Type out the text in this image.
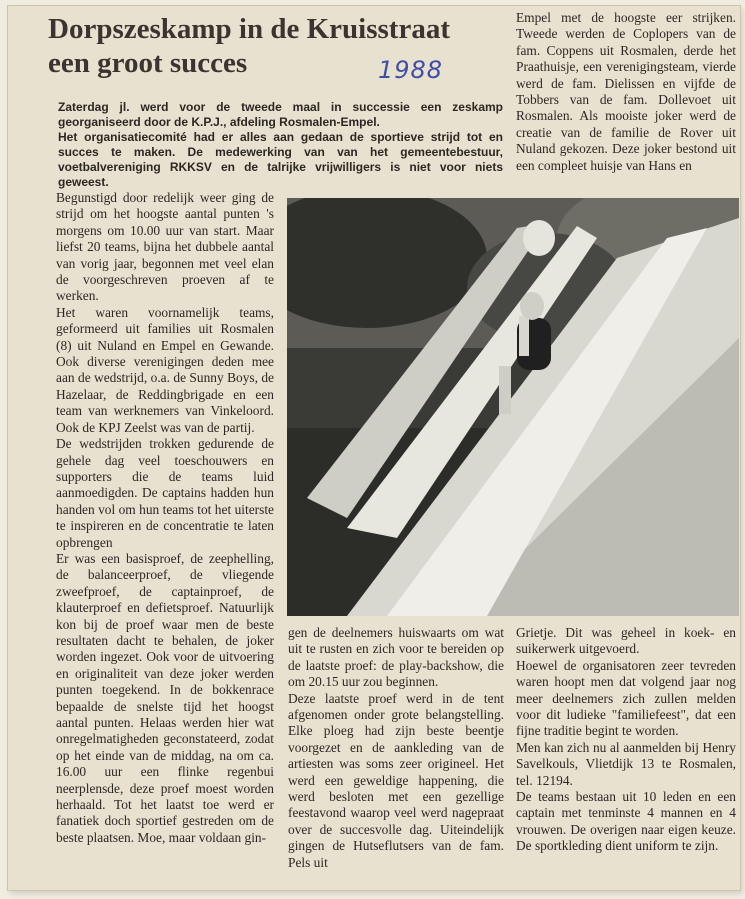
Dorpszeskamp in de Kruisstraat
een groot succes	1988

Zaterdag jl. werd voor de tweede maal in successie een zeskamp georganiseerd door de K.P.J., afdeling Rosmalen-Empel.

Het organisatiecomité had er alles aan gedaan de sportieve strijd tot en succes te maken. De medewerking van van het gemeentebestuur, voetbalvereniging RKKSV en de talrijke vrijwilligers is niet voor niets geweest.

Empel met de hoogste eer strijken. Tweede werden de Coplopers van de fam. Coppens uit Rosmalen, derde het Praathuisje, een verenigingsteam, vierde werd de fam. Dielissen en vijfde de Tobbers van de fam. Dollevoet uit Rosmalen. Als mooiste joker werd de creatie van de familie de Rover uit Nuland gekozen. Deze joker bestond uit een compleet huisje van Hans en

Begunstigd door redelijk weer ging de strijd om het hoogste aantal punten 's morgens om 10.00 uur van start. Maar liefst 20 teams, bijna het dubbele aantal van vorig jaar, begonnen met veel elan de voorgeschreven proeven af te werken.

Het waren voornamelijk teams, geformeerd uit families uit Rosmalen (8) uit Nuland en Empel en Gewande. Ook diverse verenigingen deden mee aan de wedstrijd, o.a. de Sunny Boys, de Hazelaar, de Reddingbrigade en een team van werknemers van Vinkeloord. Ook de KPJ Zeelst was van de partij.

De wedstrijden trokken gedurende de gehele dag veel toeschouwers en supporters die de teams luid aanmoedigden. De captains hadden hun handen vol om hun teams tot het uiterste te inspireren en de concentratie te laten opbrengen

Er was een basisproef, de zeephelling, de balanceerproef, de vliegende zweefproef, de captainproef, de klauterproef en defietsproef. Natuurlijk kon bij de proef waar men de beste resultaten dacht te behalen, de joker worden ingezet. Ook voor de uitvoering en originaliteit van deze joker werden punten toegekend. In de bokkenrace bepaalde de snelste tijd het hoogst aantal punten. Helaas werden hier wat onregelmatigheden geconstateerd, zodat op het einde van de middag, na om ca. 16.00 uur een flinke regenbui neerplensde, deze proef moest worden herhaald. Tot het laatst toe werd er fanatiek doch sportief gestreden om de beste plaatsen. Moe, maar voldaan gin-

gen de deelnemers huiswaarts om wat uit te rusten en zich voor te bereiden op de laatste proef: de play-backshow, die om 20.15 uur zou beginnen.

Deze laatste proef werd in de tent afgenomen onder grote belangstelling. Elke ploeg had zijn beste beentje voorgezet en de aankleding van de artiesten was soms zeer origineel. Het werd een geweldige happening, die werd besloten met een gezellige feestavond waarop veel werd nagepraat over de succesvolle dag. Uiteindelijk gingen de Hutseflutsers van de fam. Pels uit

Grietje. Dit was geheel in koek- en suikerwerk uitgevoerd.

Hoewel de organisatoren zeer tevreden waren hoopt men dat volgend jaar nog meer deelnemers zich zullen melden voor dit ludieke "familiefeest", dat een fijne traditie begint te worden.

Men kan zich nu al aanmelden bij Henry Savelkouls, Vlietdijk 13 te Rosmalen, tel. 12194.

De teams bestaan uit 10 leden en een captain met tenminste 4 mannen en 4 vrouwen. De overigen naar eigen keuze. De sportkleding dient uniform te zijn.
